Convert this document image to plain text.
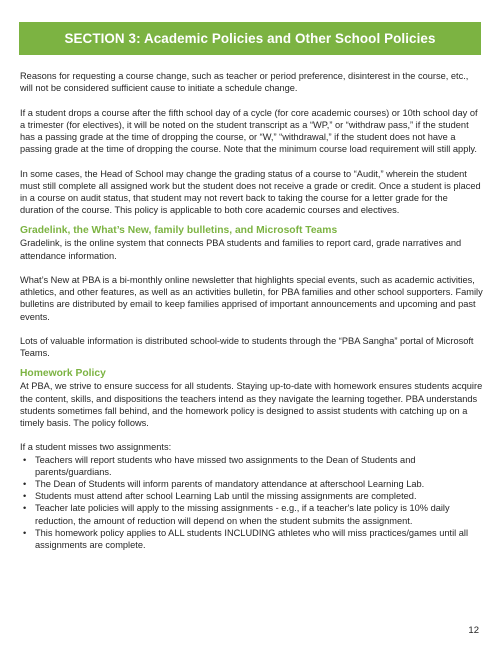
SECTION 3: Academic Policies and Other School Policies

Reasons for requesting a course change, such as teacher or period preference, disinterest in the course, etc., will not be considered sufficient cause to initiate a schedule change.

If a student drops a course after the fifth school day of a cycle (for core academic courses) or 10th school day of a trimester (for electives), it will be noted on the student transcript as a “WP,” or “withdraw pass,” if the student has a passing grade at the time of dropping the course, or “W,” “withdrawal,” if the student does not have a passing grade at the time of dropping the course. Note that the minimum course load requirement will still apply.

In some cases, the Head of School may change the grading status of a course to “Audit,” wherein the student must still complete all assigned work but the student does not receive a grade or credit. Once a student is placed in a course on audit status, that student may not revert back to taking the course for a letter grade for the duration of the course. This policy is applicable to both core academic courses and electives.

Gradelink, the What’s New, family bulletins, and Microsoft Teams

Gradelink, is the online system that connects PBA students and families to report card, grade narratives and attendance information.

What’s New at PBA is a bi-monthly online newsletter that highlights special events, such as academic activities, athletics, and other features, as well as an activities bulletin, for PBA families and other school supporters. Family bulletins are distributed by email to keep families apprised of important announcements and upcoming and past events.

Lots of valuable information is distributed school-wide to students through the “PBA Sangha” portal of Microsoft Teams.

Homework Policy

At PBA, we strive to ensure success for all students. Staying up-to-date with homework ensures students acquire the content, skills, and dispositions the teachers intend as they navigate the learning together. PBA understands students sometimes fall behind, and the homework policy is designed to assist students with catching up on a timely basis. The policy follows.

If a student misses two assignments:

• Teachers will report students who have missed two assignments to the Dean of Students and parents/guardians.
• The Dean of Students will inform parents of mandatory attendance at afterschool Learning Lab.
• Students must attend after school Learning Lab until the missing assignments are completed.
• Teacher late policies will apply to the missing assignments - e.g., if a teacher's late policy is 10% daily reduction, the amount of reduction will depend on when the student submits the assignment.
• This homework policy applies to ALL students INCLUDING athletes who will miss practices/games until all assignments are complete.
12
